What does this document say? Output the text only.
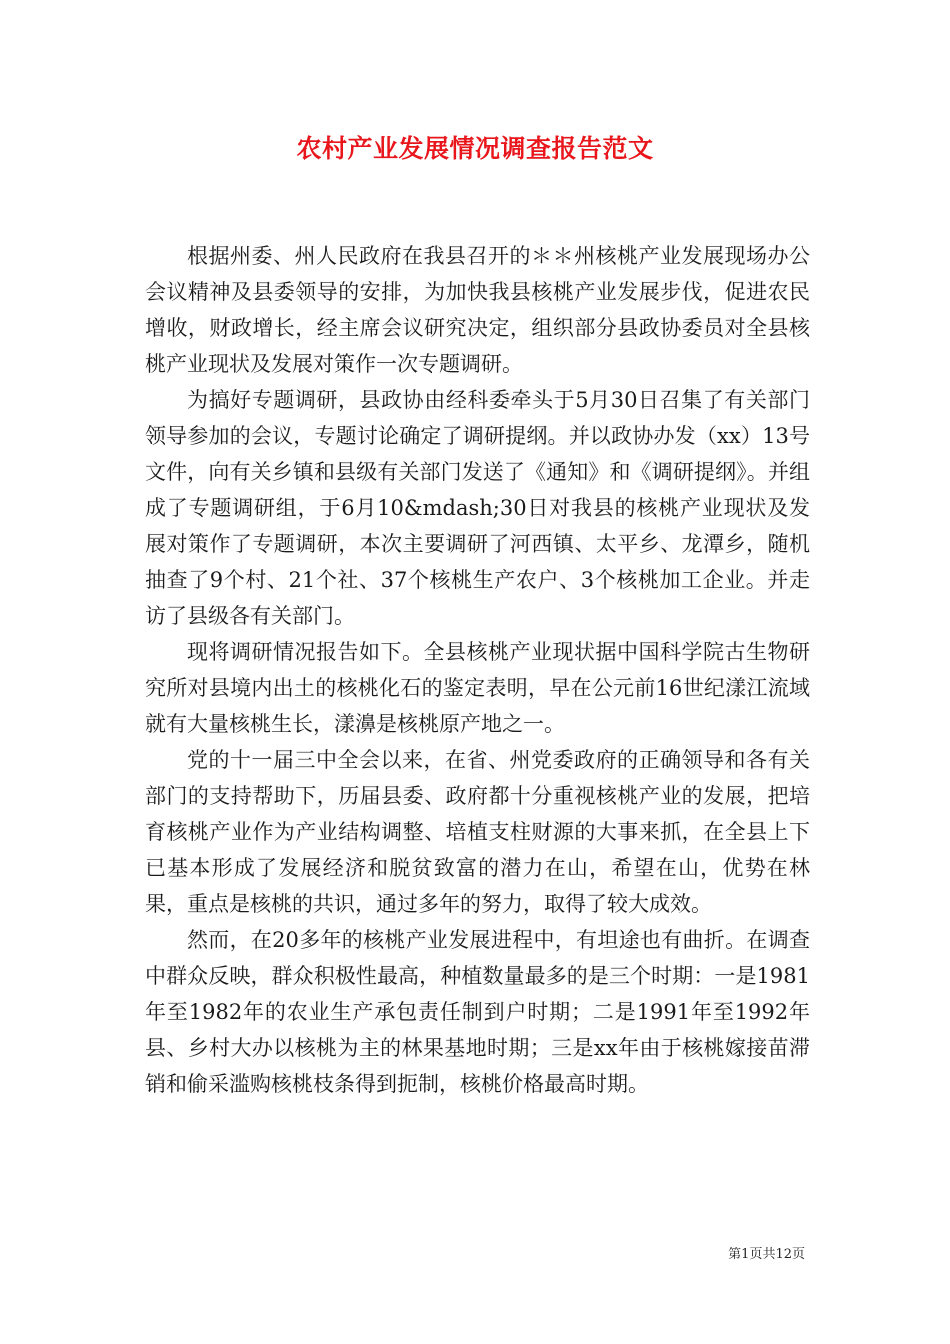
农村产业发展情况调查报告范文

根据州委、州人民政府在我县召开的＊＊州核桃产业发展现场办公会议精神及县委领导的安排，为加快我县核桃产业发展步伐，促进农民增收，财政增长，经主席会议研究决定，组织部分县政协委员对全县核桃产业现状及发展对策作一次专题调研。

为搞好专题调研，县政协由经科委牵头于5月30日召集了有关部门领导参加的会议，专题讨论确定了调研提纲。并以政协办发（xx）13号文件，向有关乡镇和县级有关部门发送了《通知》和《调研提纲》。并组成了专题调研组，于6月10&mdash;30日对我县的核桃产业现状及发展对策作了专题调研，本次主要调研了河西镇、太平乡、龙潭乡，随机抽查了9个村、21个社、37个核桃生产农户、3个核桃加工企业。并走访了县级各有关部门。

现将调研情况报告如下。全县核桃产业现状据中国科学院古生物研究所对县境内出土的核桃化石的鉴定表明，早在公元前16世纪漾江流域就有大量核桃生长，漾濞是核桃原产地之一。

党的十一届三中全会以来，在省、州党委政府的正确领导和各有关部门的支持帮助下，历届县委、政府都十分重视核桃产业的发展，把培育核桃产业作为产业结构调整、培植支柱财源的大事来抓，在全县上下已基本形成了发展经济和脱贫致富的潜力在山，希望在山，优势在林果，重点是核桃的共识，通过多年的努力，取得了较大成效。

然而，在20多年的核桃产业发展进程中，有坦途也有曲折。在调查中群众反映，群众积极性最高，种植数量最多的是三个时期：一是1981年至1982年的农业生产承包责任制到户时期；二是1991年至1992年县、乡村大办以核桃为主的林果基地时期；三是xx年由于核桃嫁接苗滞销和偷采滥购核桃枝条得到扼制，核桃价格最高时期。

第1页共12页
